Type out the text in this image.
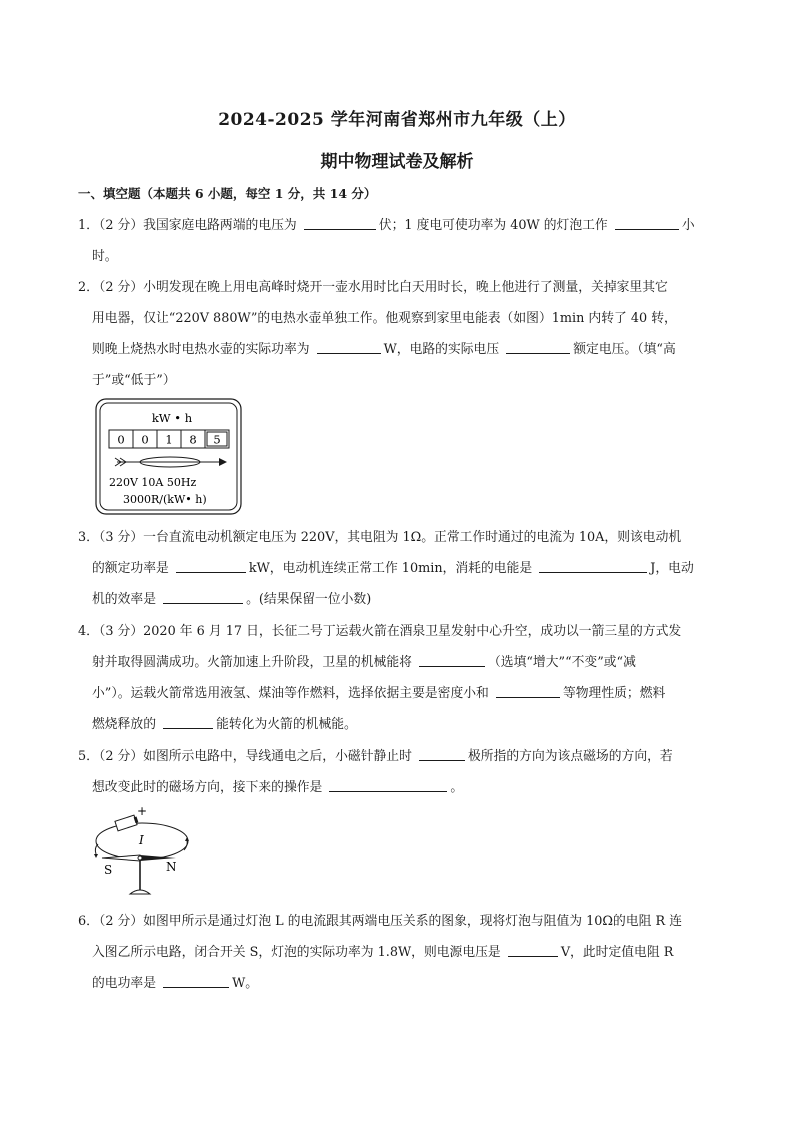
2024-2025 学年河南省郑州市九年级（上）
期中物理试卷及解析
一、填空题（本题共 6 小题，每空 1 分，共 14 分）
1．（2 分）我国家庭电路两端的电压为	伏；1 度电可使功率为 40W 的灯泡工作	小
时。
2．（2 分）小明发现在晚上用电高峰时烧开一壶水用时比白天用时长，晚上他进行了测量，关掉家里其它
用电器，仅让“220V 880W”的电热水壶单独工作。他观察到家里电能表（如图）1min 内转了 40 转，
则晚上烧热水时电热水壶的实际功率为	W，电路的实际电压	额定电压。（填“高
于”或“低于”）
kW • h
0 0 1 8 5
220V 10A 50Hz
3000R/(kW• h)
3．（3 分）一台直流电动机额定电压为 220V，其电阻为 1Ω。正常工作时通过的电流为 10A，则该电动机
的额定功率是	kW，电动机连续正常工作 10min，消耗的电能是	J，电动
机的效率是	。(结果保留一位小数)
4．（3 分）2020 年 6 月 17 日，长征二号丁运载火箭在酒泉卫星发射中心升空，成功以一箭三星的方式发
射并取得圆满成功。火箭加速上升阶段，卫星的机械能将	（选填“增大”“不变”或“减
小”）。运载火箭常选用液氢、煤油等作燃料，选择依据主要是密度小和	等物理性质；燃料
燃烧释放的	能转化为火箭的机械能。
5．（2 分）如图所示电路中，导线通电之后，小磁针静止时	极所指的方向为该点磁场的方向，若
想改变此时的磁场方向，接下来的操作是	。
+
I
S	N
6．（2 分）如图甲所示是通过灯泡 L 的电流跟其两端电压关系的图象，现将灯泡与阻值为 10Ω的电阻 R 连
入图乙所示电路，闭合开关 S，灯泡的实际功率为 1.8W，则电源电压是	V，此时定值电阻 R
的电功率是	W。
